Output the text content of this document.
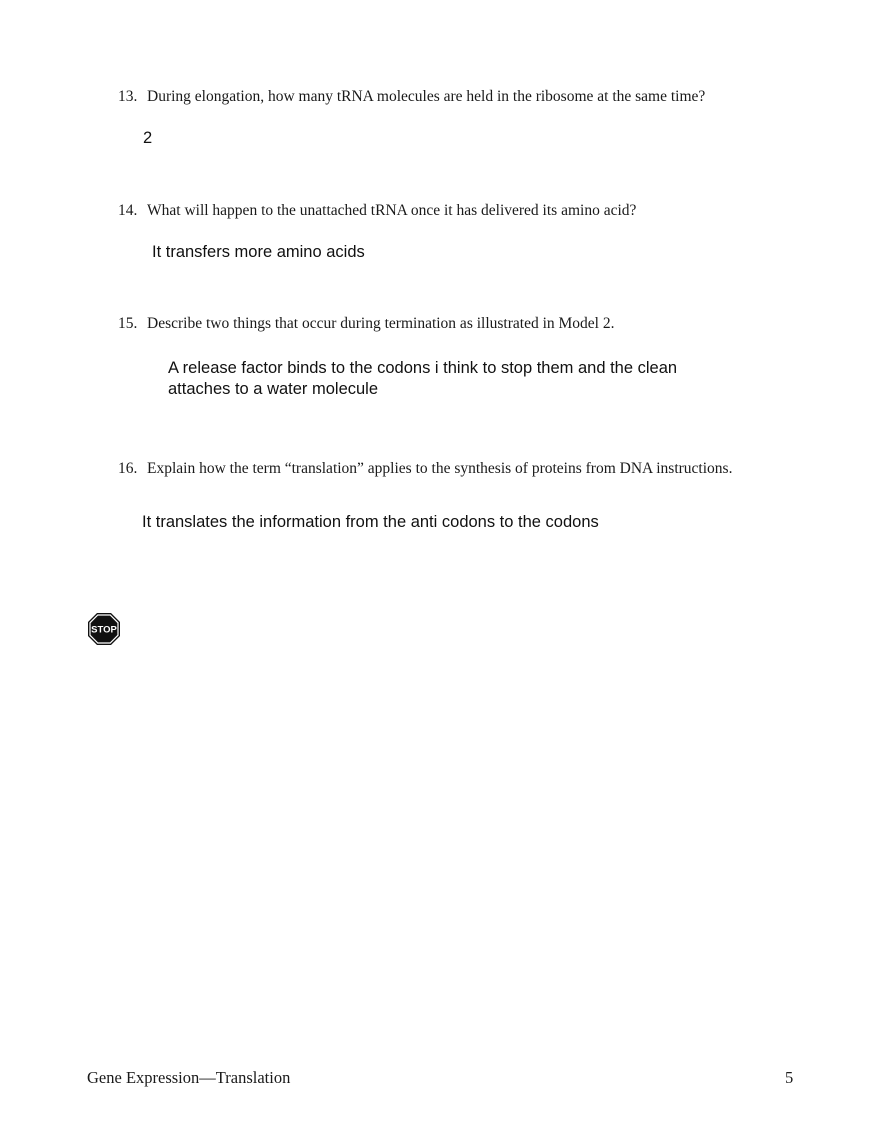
13. During elongation, how many tRNA molecules are held in the ribosome at the same time?
2
14. What will happen to the unattached tRNA once it has delivered its amino acid?
It transfers more amino acids
15. Describe two things that occur during termination as illustrated in Model 2.
A release factor binds to the codons i think to stop them and the clean
attaches to a water molecule
16. Explain how the term “translation” applies to the synthesis of proteins from DNA instructions.
It translates the information from the anti codons to the codons
STOP
Gene Expression—Translation	5
